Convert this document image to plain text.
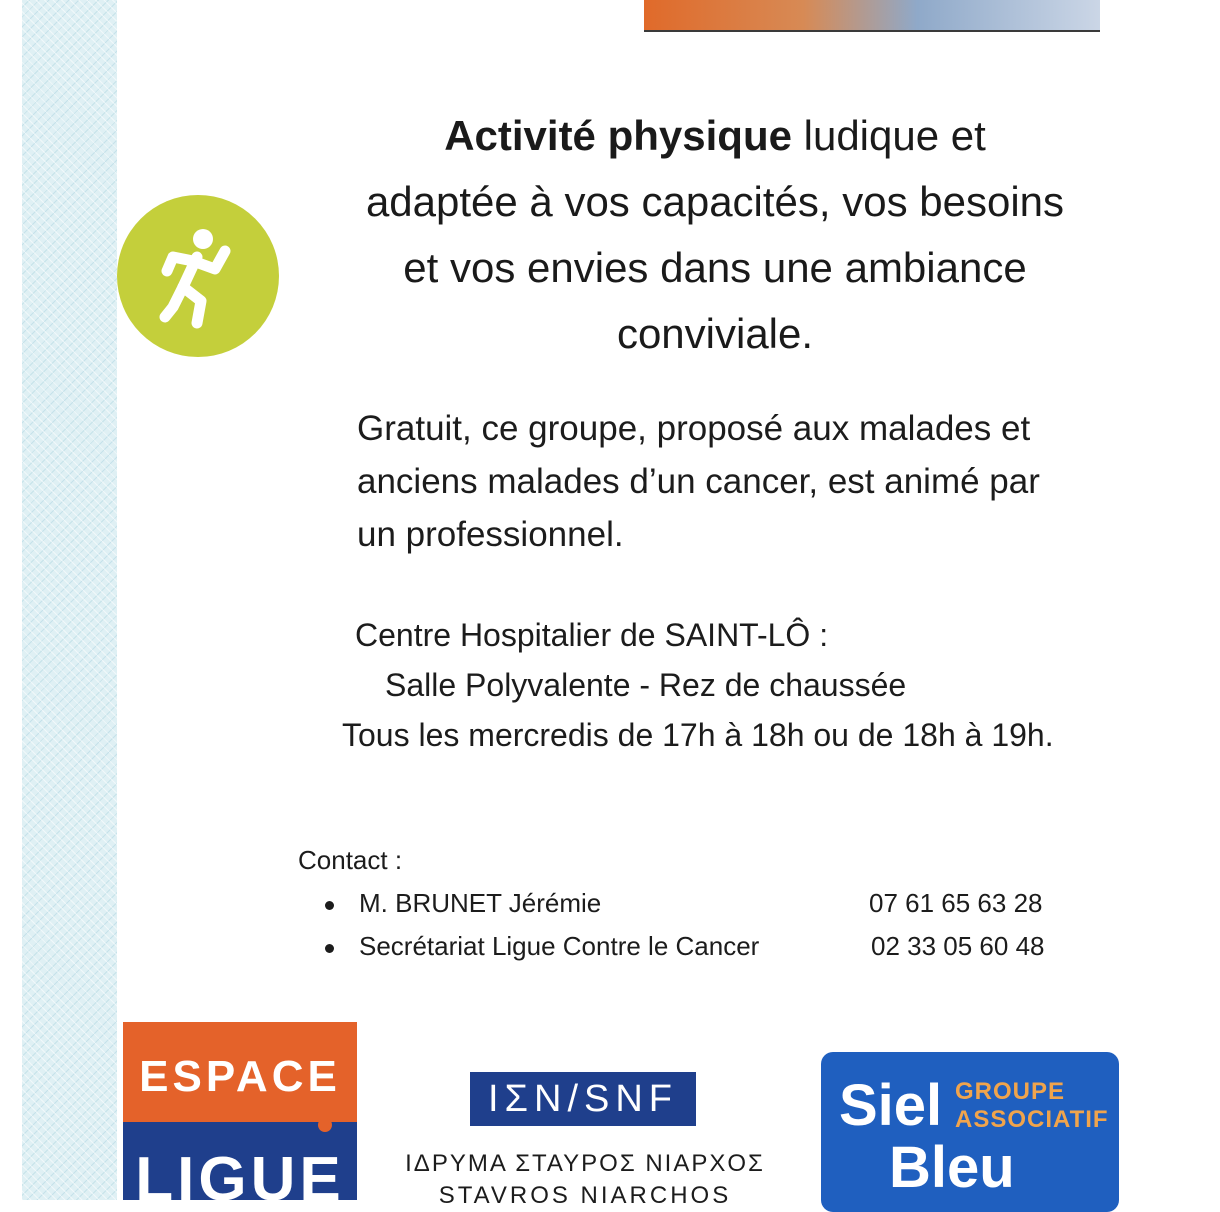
Activité physique ludique et
adaptée à vos capacités, vos besoins
et vos envies dans une ambiance
conviviale.
Gratuit, ce groupe, proposé aux malades et
anciens malades d’un cancer, est animé par
un professionnel.
Centre Hospitalier de SAINT-LÔ :
Salle Polyvalente - Rez de chaussée
Tous les mercredis de 17h à 18h ou de 18h à 19h.
Contact :
M. BRUNET Jérémie	07 61 65 63 28
Secrétariat Ligue Contre le Cancer	02 33 05 60 48
ESPACE
LIGUE
ΙΣΝ/SNF
ΙΔΡΥΜΑ ΣΤΑΥΡΟΣ ΝΙΑΡΧΟΣ
STAVROS NIARCHOS
Siel GROUPE
ASSOCIATIF
Bleu
